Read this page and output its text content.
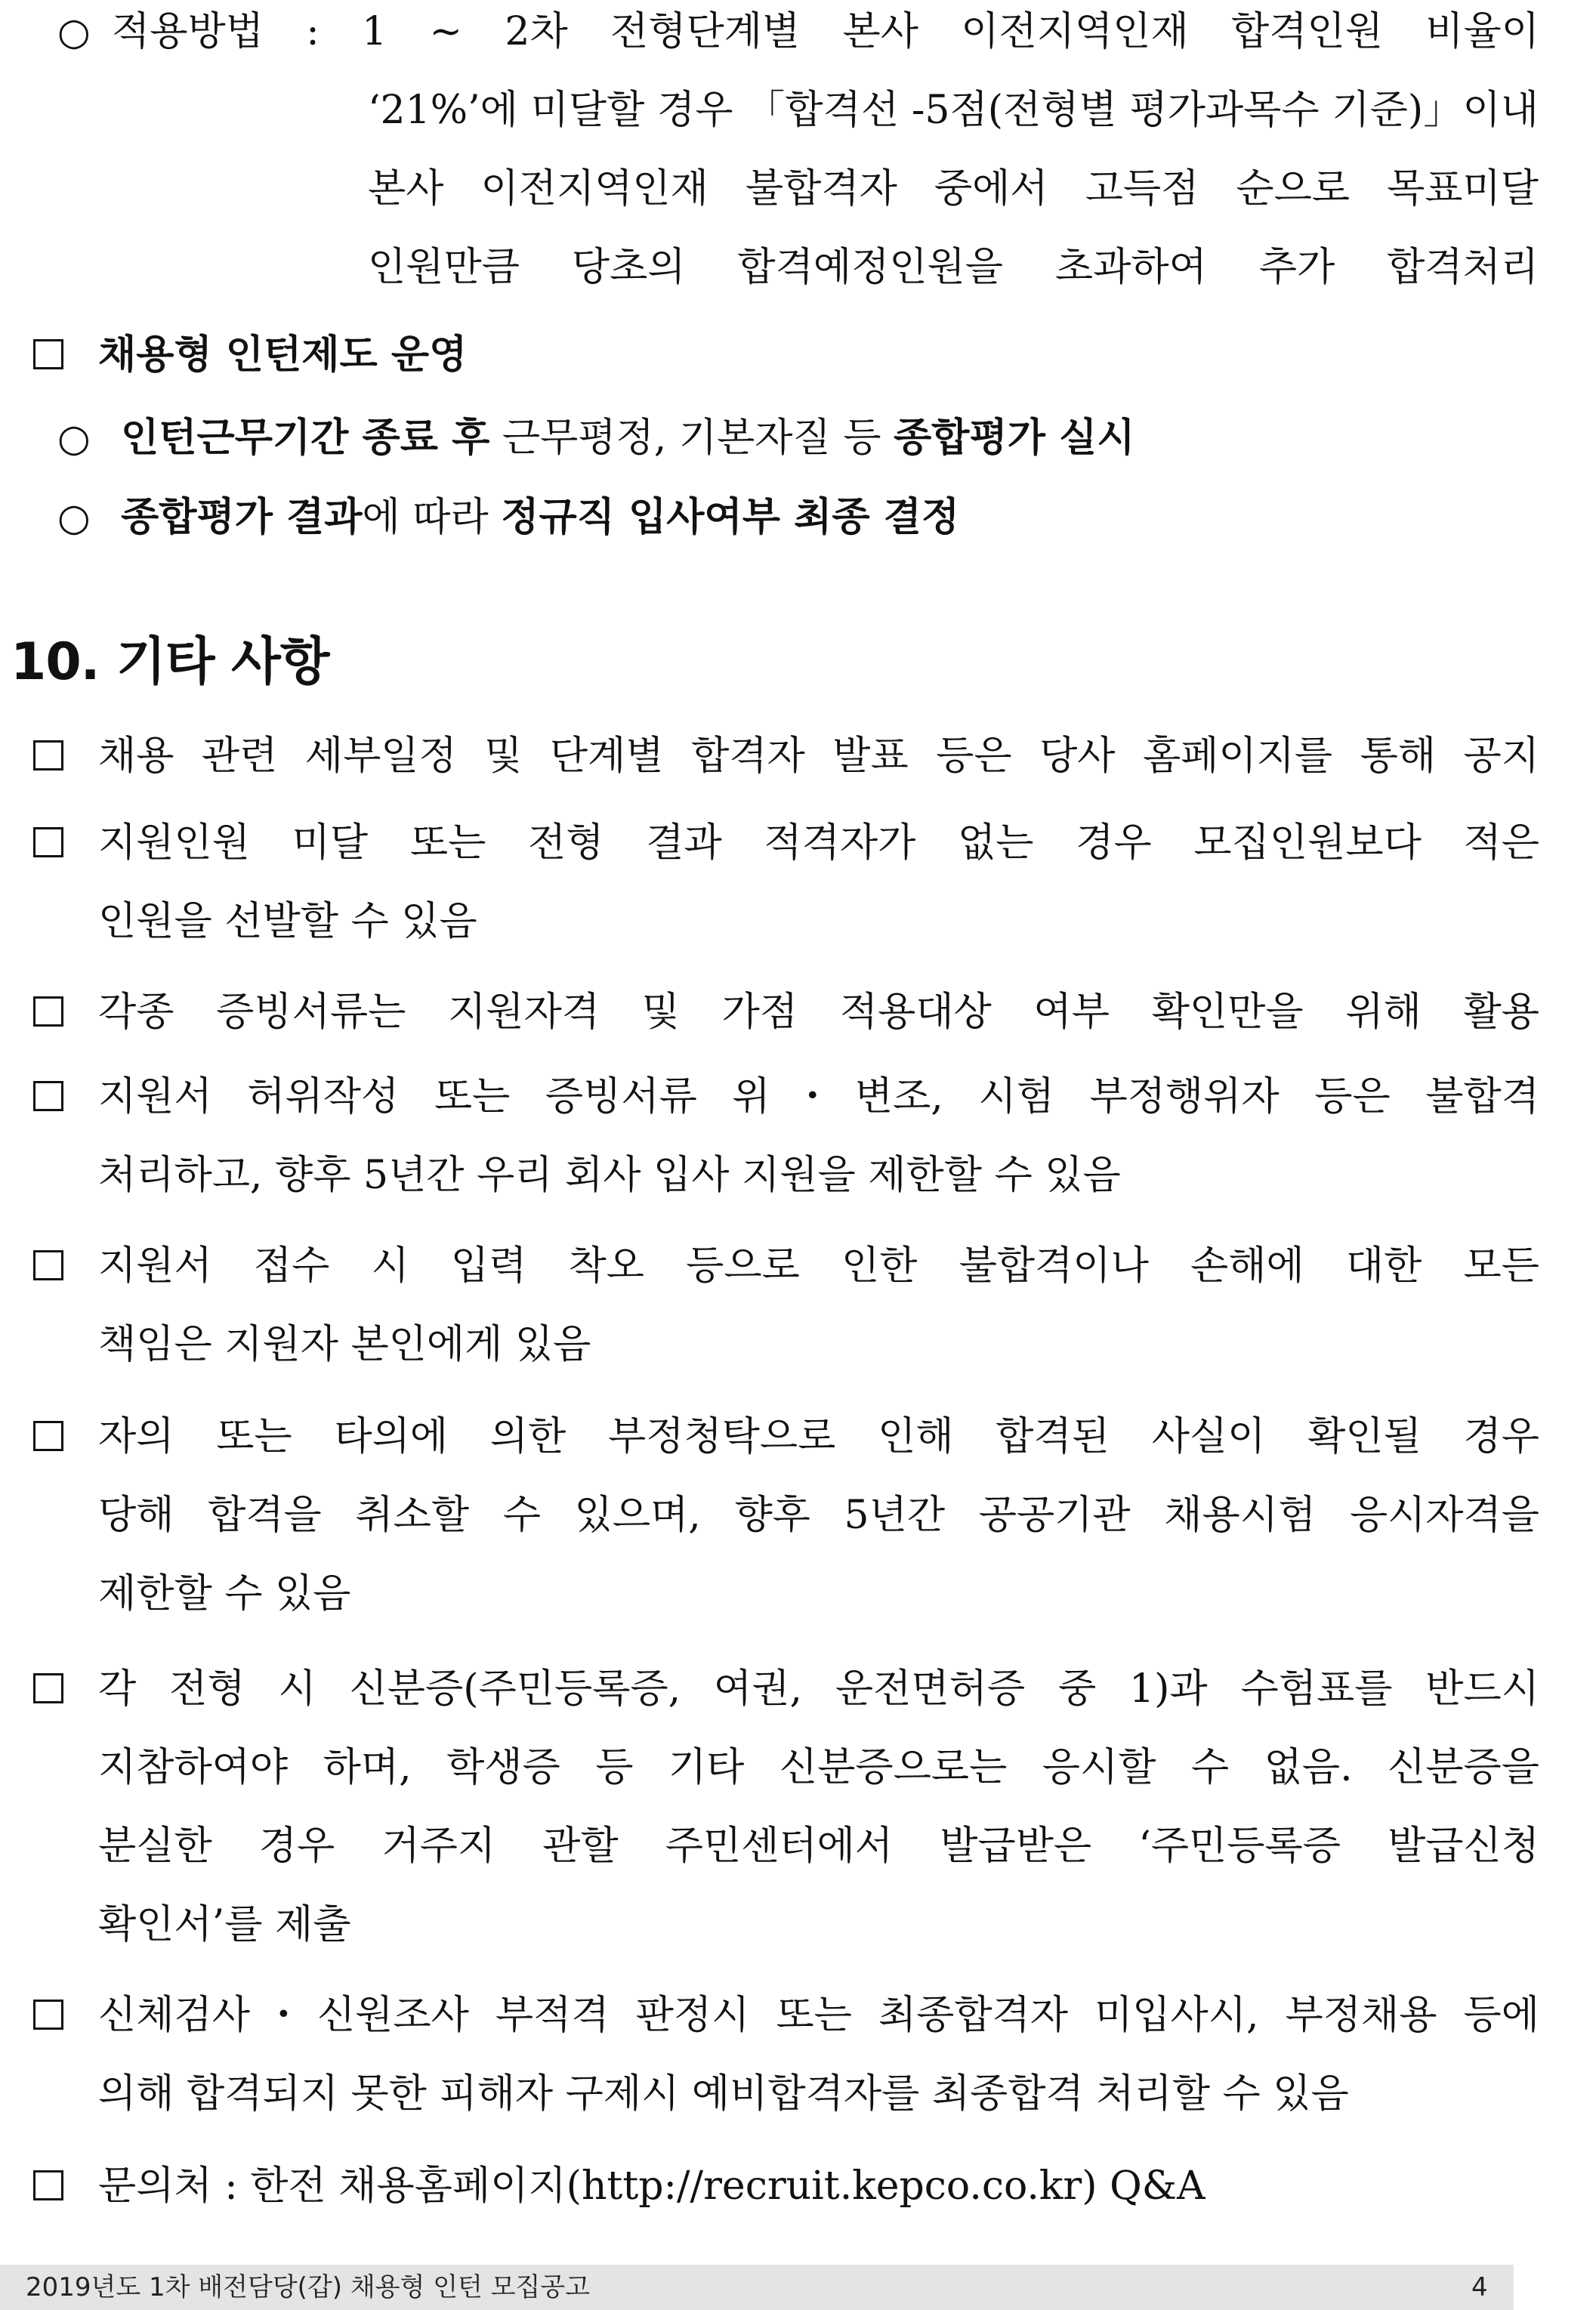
○ 적용방법 : 1 ~ 2차 전형단계별 본사 이전지역인재 합격인원 비율이
‘21%’에 미달할 경우 「합격선 -5점(전형별 평가과목수 기준)」이내
본사 이전지역인재 불합격자 중에서 고득점 순으로 목표미달
인원만큼 당초의 합격예정인원을 초과하여 추가 합격처리
채용형 인턴제도 운영
○ 인턴근무기간 종료 후 근무평정, 기본자질 등 종합평가 실시
○ 종합평가 결과에 따라 정규직 입사여부 최종 결정
10. 기타 사항
채용 관련 세부일정 및 단계별 합격자 발표 등은 당사 홈페이지를 통해 공지
지원인원 미달 또는 전형 결과 적격자가 없는 경우 모집인원보다 적은
인원을 선발할 수 있음
각종 증빙서류는 지원자격 및 가점 적용대상 여부 확인만을 위해 활용
지원서 허위작성 또는 증빙서류 위・변조, 시험 부정행위자 등은 불합격
처리하고, 향후 5년간 우리 회사 입사 지원을 제한할 수 있음
지원서 접수 시 입력 착오 등으로 인한 불합격이나 손해에 대한 모든
책임은 지원자 본인에게 있음
자의 또는 타의에 의한 부정청탁으로 인해 합격된 사실이 확인될 경우
당해 합격을 취소할 수 있으며, 향후 5년간 공공기관 채용시험 응시자격을
제한할 수 있음
각 전형 시 신분증(주민등록증, 여권, 운전면허증 중 1)과 수험표를 반드시
지참하여야 하며, 학생증 등 기타 신분증으로는 응시할 수 없음. 신분증을
분실한 경우 거주지 관할 주민센터에서 발급받은 ‘주민등록증 발급신청
확인서’를 제출
신체검사・신원조사 부적격 판정시 또는 최종합격자 미입사시, 부정채용 등에
의해 합격되지 못한 피해자 구제시 예비합격자를 최종합격 처리할 수 있음
문의처 : 한전 채용홈페이지(http://recruit.kepco.co.kr) Q&A
2019년도 1차 배전담당(갑) 채용형 인턴 모집공고	4
